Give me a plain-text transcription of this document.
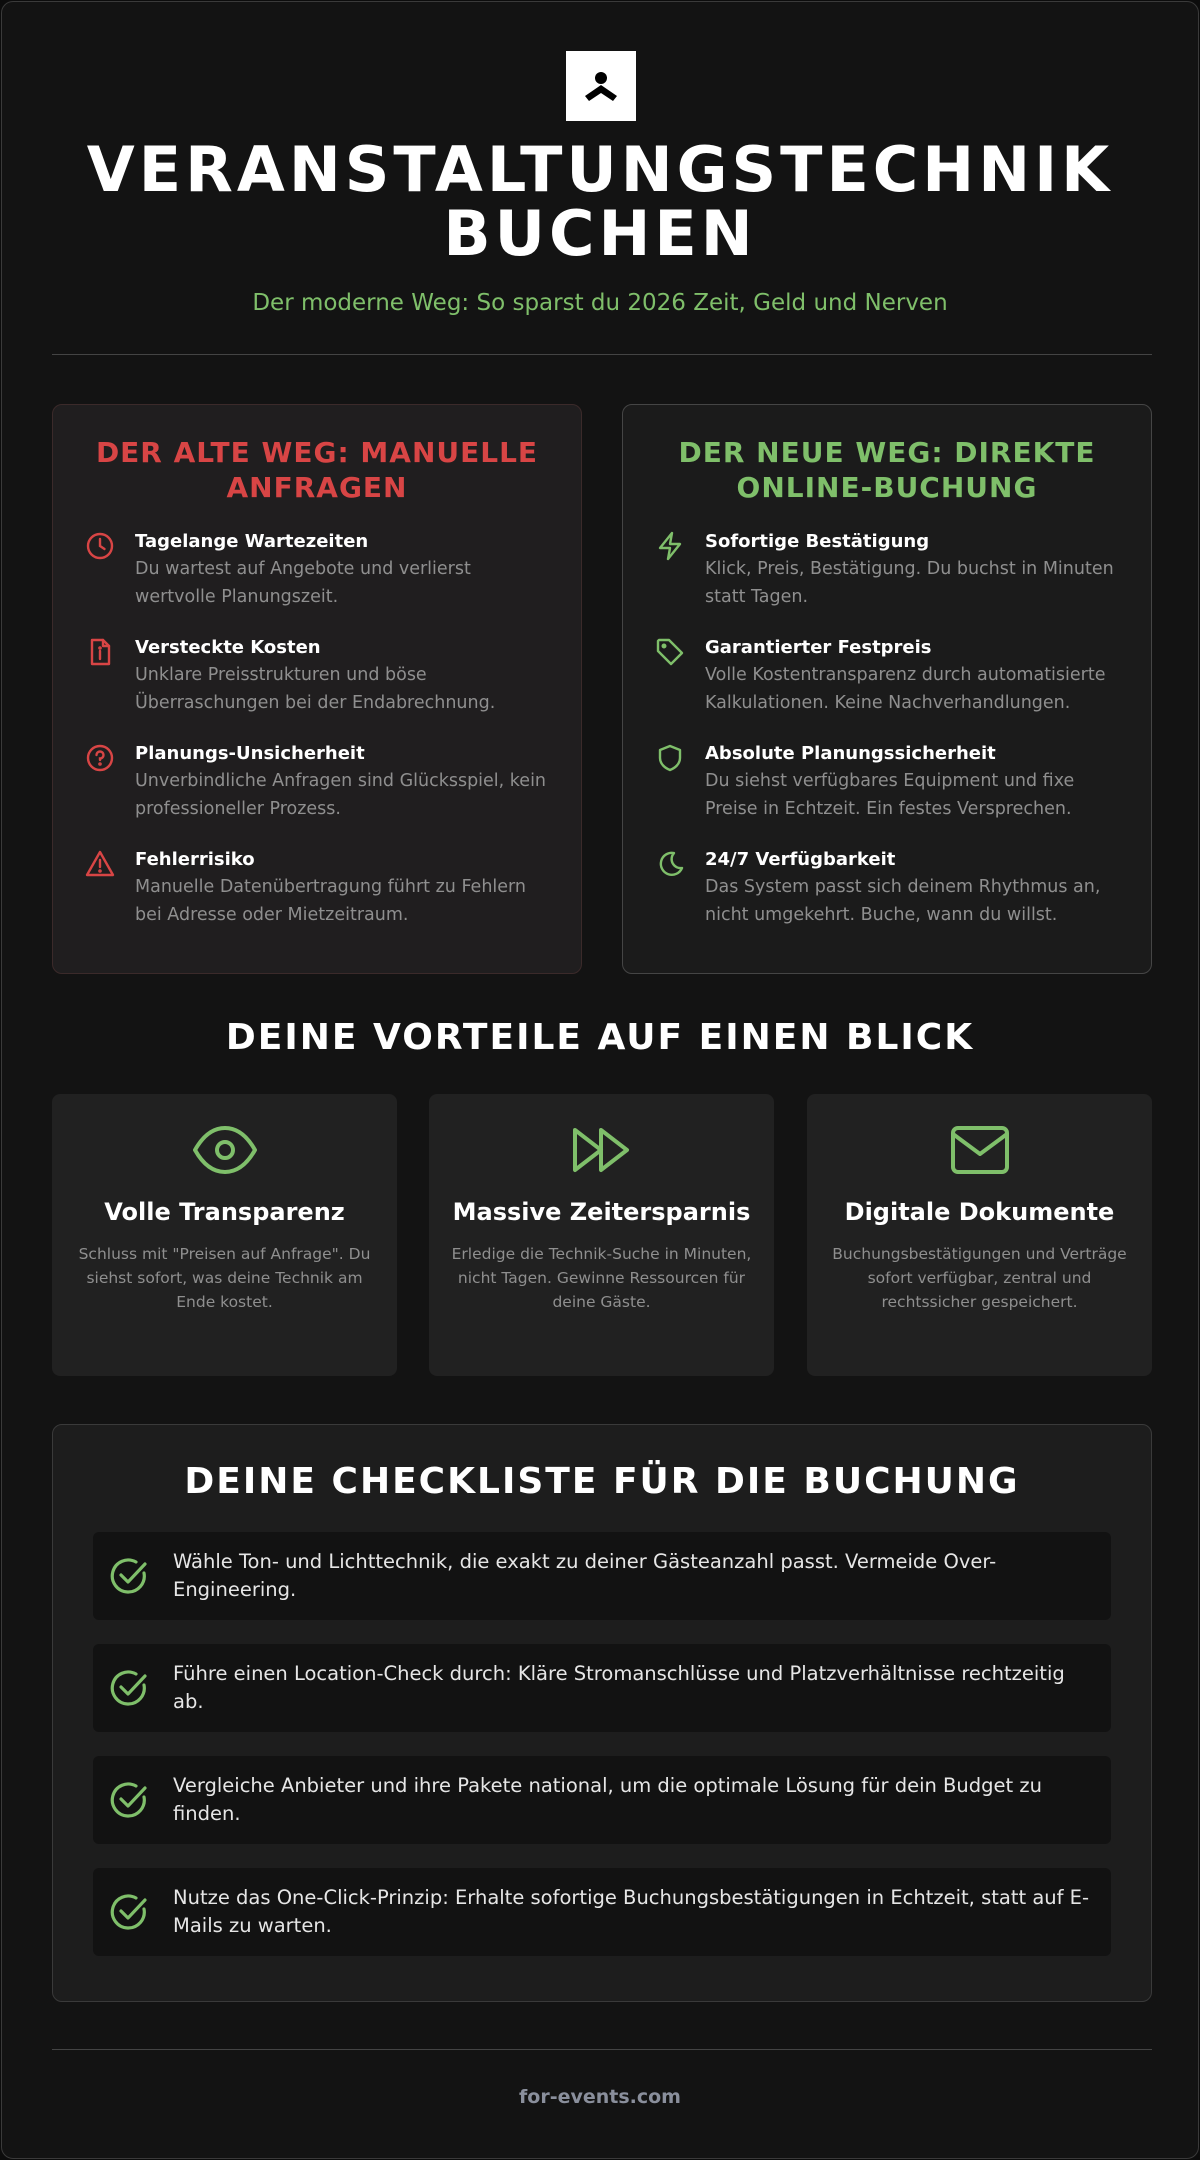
VERANSTALTUNGSTECHNIK
BUCHEN
Der moderne Weg: So sparst du 2026 Zeit, Geld und Nerven
DER ALTE WEG: MANUELLE ANFRAGEN
Tagelange Wartezeiten
Du wartest auf Angebote und verlierst wertvolle Planungszeit.
Versteckte Kosten
Unklare Preisstrukturen und böse Überraschungen bei der Endabrechnung.
Planungs-Unsicherheit
Unverbindliche Anfragen sind Glücksspiel, kein professioneller Prozess.
Fehlerrisiko
Manuelle Datenübertragung führt zu Fehlern bei Adresse oder Mietzeitraum.
DER NEUE WEG: DIREKTE ONLINE-BUCHUNG
Sofortige Bestätigung
Klick, Preis, Bestätigung. Du buchst in Minuten statt Tagen.
Garantierter Festpreis
Volle Kostentransparenz durch automatisierte Kalkulationen. Keine Nachverhandlungen.
Absolute Planungssicherheit
Du siehst verfügbares Equipment und fixe Preise in Echtzeit. Ein festes Versprechen.
24/7 Verfügbarkeit
Das System passt sich deinem Rhythmus an, nicht umgekehrt. Buche, wann du willst.
DEINE VORTEILE AUF EINEN BLICK
Volle Transparenz
Schluss mit "Preisen auf Anfrage". Du siehst sofort, was deine Technik am Ende kostet.
Massive Zeitersparnis
Erledige die Technik-Suche in Minuten, nicht Tagen. Gewinne Ressourcen für deine Gäste.
Digitale Dokumente
Buchungsbestätigungen und Verträge sofort verfügbar, zentral und rechtssicher gespeichert.
DEINE CHECKLISTE FÜR DIE BUCHUNG
Wähle Ton- und Lichttechnik, die exakt zu deiner Gästeanzahl passt. Vermeide Over-Engineering.
Führe einen Location-Check durch: Kläre Stromanschlüsse und Platzverhältnisse rechtzeitig ab.
Vergleiche Anbieter und ihre Pakete national, um die optimale Lösung für dein Budget zu finden.
Nutze das One-Click-Prinzip: Erhalte sofortige Buchungsbestätigungen in Echtzeit, statt auf E-Mails zu warten.
for-events.com
